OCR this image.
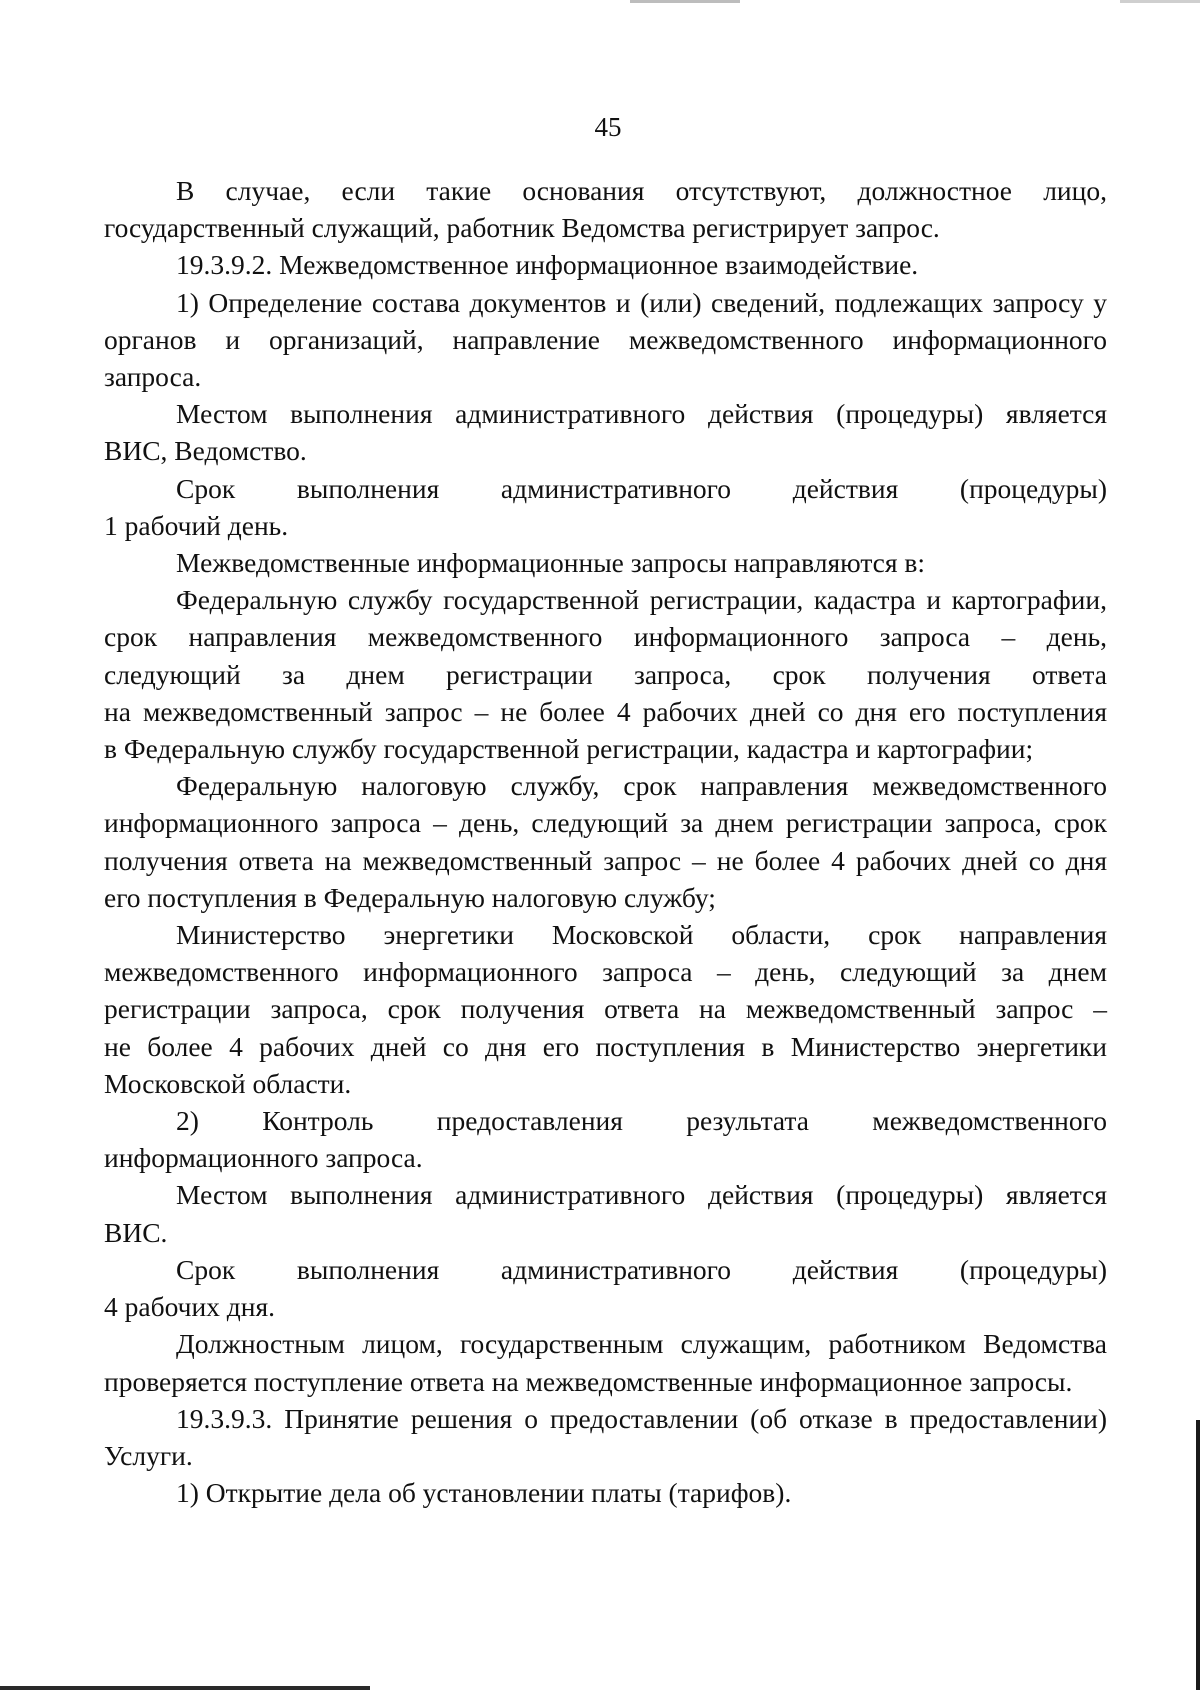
45

В случае, если такие основания отсутствуют, должностное лицо,
государственный служащий, работник Ведомства регистрирует запрос.

19.3.9.2. Межведомственное информационное взаимодействие.

1) Определение состава документов и (или) сведений, подлежащих запросу у
органов и организаций, направление межведомственного информационного
запроса.

Местом выполнения административного действия (процедуры) является
ВИС, Ведомство.

Срок выполнения административного действия (процедуры)
1 рабочий день.

Межведомственные информационные запросы направляются в:

Федеральную службу государственной регистрации, кадастра и картографии,
срок направления межведомственного информационного запроса – день,
следующий за днем регистрации запроса, срок получения ответа
на межведомственный запрос – не более 4 рабочих дней со дня его поступления
в Федеральную службу государственной регистрации, кадастра и картографии;

Федеральную налоговую службу, срок направления межведомственного
информационного запроса – день, следующий за днем регистрации запроса, срок
получения ответа на межведомственный запрос – не более 4 рабочих дней со дня
его поступления в Федеральную налоговую службу;

Министерство энергетики Московской области, срок направления
межведомственного информационного запроса – день, следующий за днем
регистрации запроса, срок получения ответа на межведомственный запрос –
не более 4 рабочих дней со дня его поступления в Министерство энергетики
Московской области.

2) Контроль предоставления результата межведомственного
информационного запроса.

Местом выполнения административного действия (процедуры) является
ВИС.

Срок выполнения административного действия (процедуры)
4 рабочих дня.

Должностным лицом, государственным служащим, работником Ведомства
проверяется поступление ответа на межведомственные информационное запросы.

19.3.9.3. Принятие решения о предоставлении (об отказе в предоставлении)
Услуги.

1) Открытие дела об установлении платы (тарифов).
